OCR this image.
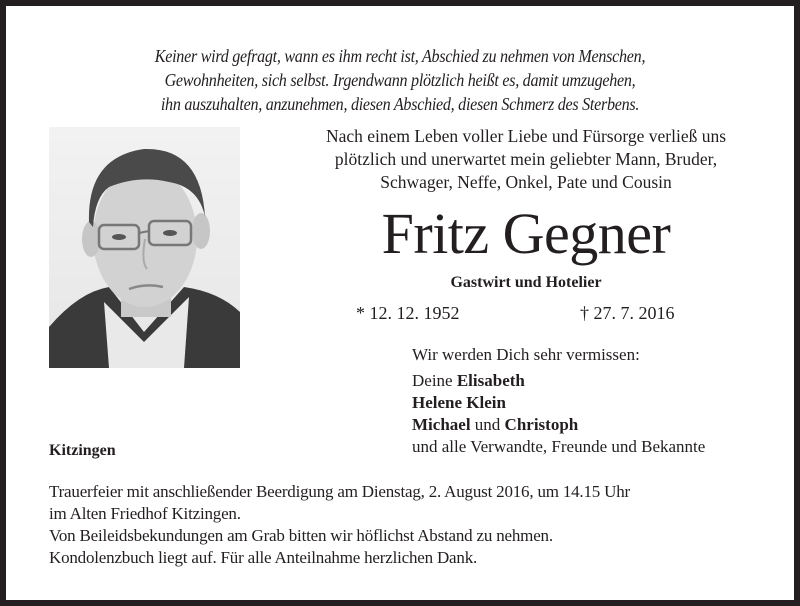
Keiner wird gefragt, wann es ihm recht ist, Abschied zu nehmen von Menschen,
Gewohnheiten, sich selbst. Irgendwann plötzlich heißt es, damit umzugehen,
ihn auszuhalten, anzunehmen, diesen Abschied, diesen Schmerz des Sterbens.
Nach einem Leben voller Liebe und Fürsorge verließ uns
plötzlich und unerwartet mein geliebter Mann, Bruder,
Schwager, Neffe, Onkel, Pate und Cousin
Fritz Gegner
Gastwirt und Hotelier
* 12. 12. 1952	† 27. 7. 2016
Wir werden Dich sehr vermissen:
Deine Elisabeth
Helene Klein
Michael und Christoph
und alle Verwandte, Freunde und Bekannte
Kitzingen
Trauerfeier mit anschließender Beerdigung am Dienstag, 2. August 2016, um 14.15 Uhr
im Alten Friedhof Kitzingen.
Von Beileidsbekundungen am Grab bitten wir höflichst Abstand zu nehmen.
Kondolenzbuch liegt auf. Für alle Anteilnahme herzlichen Dank.
